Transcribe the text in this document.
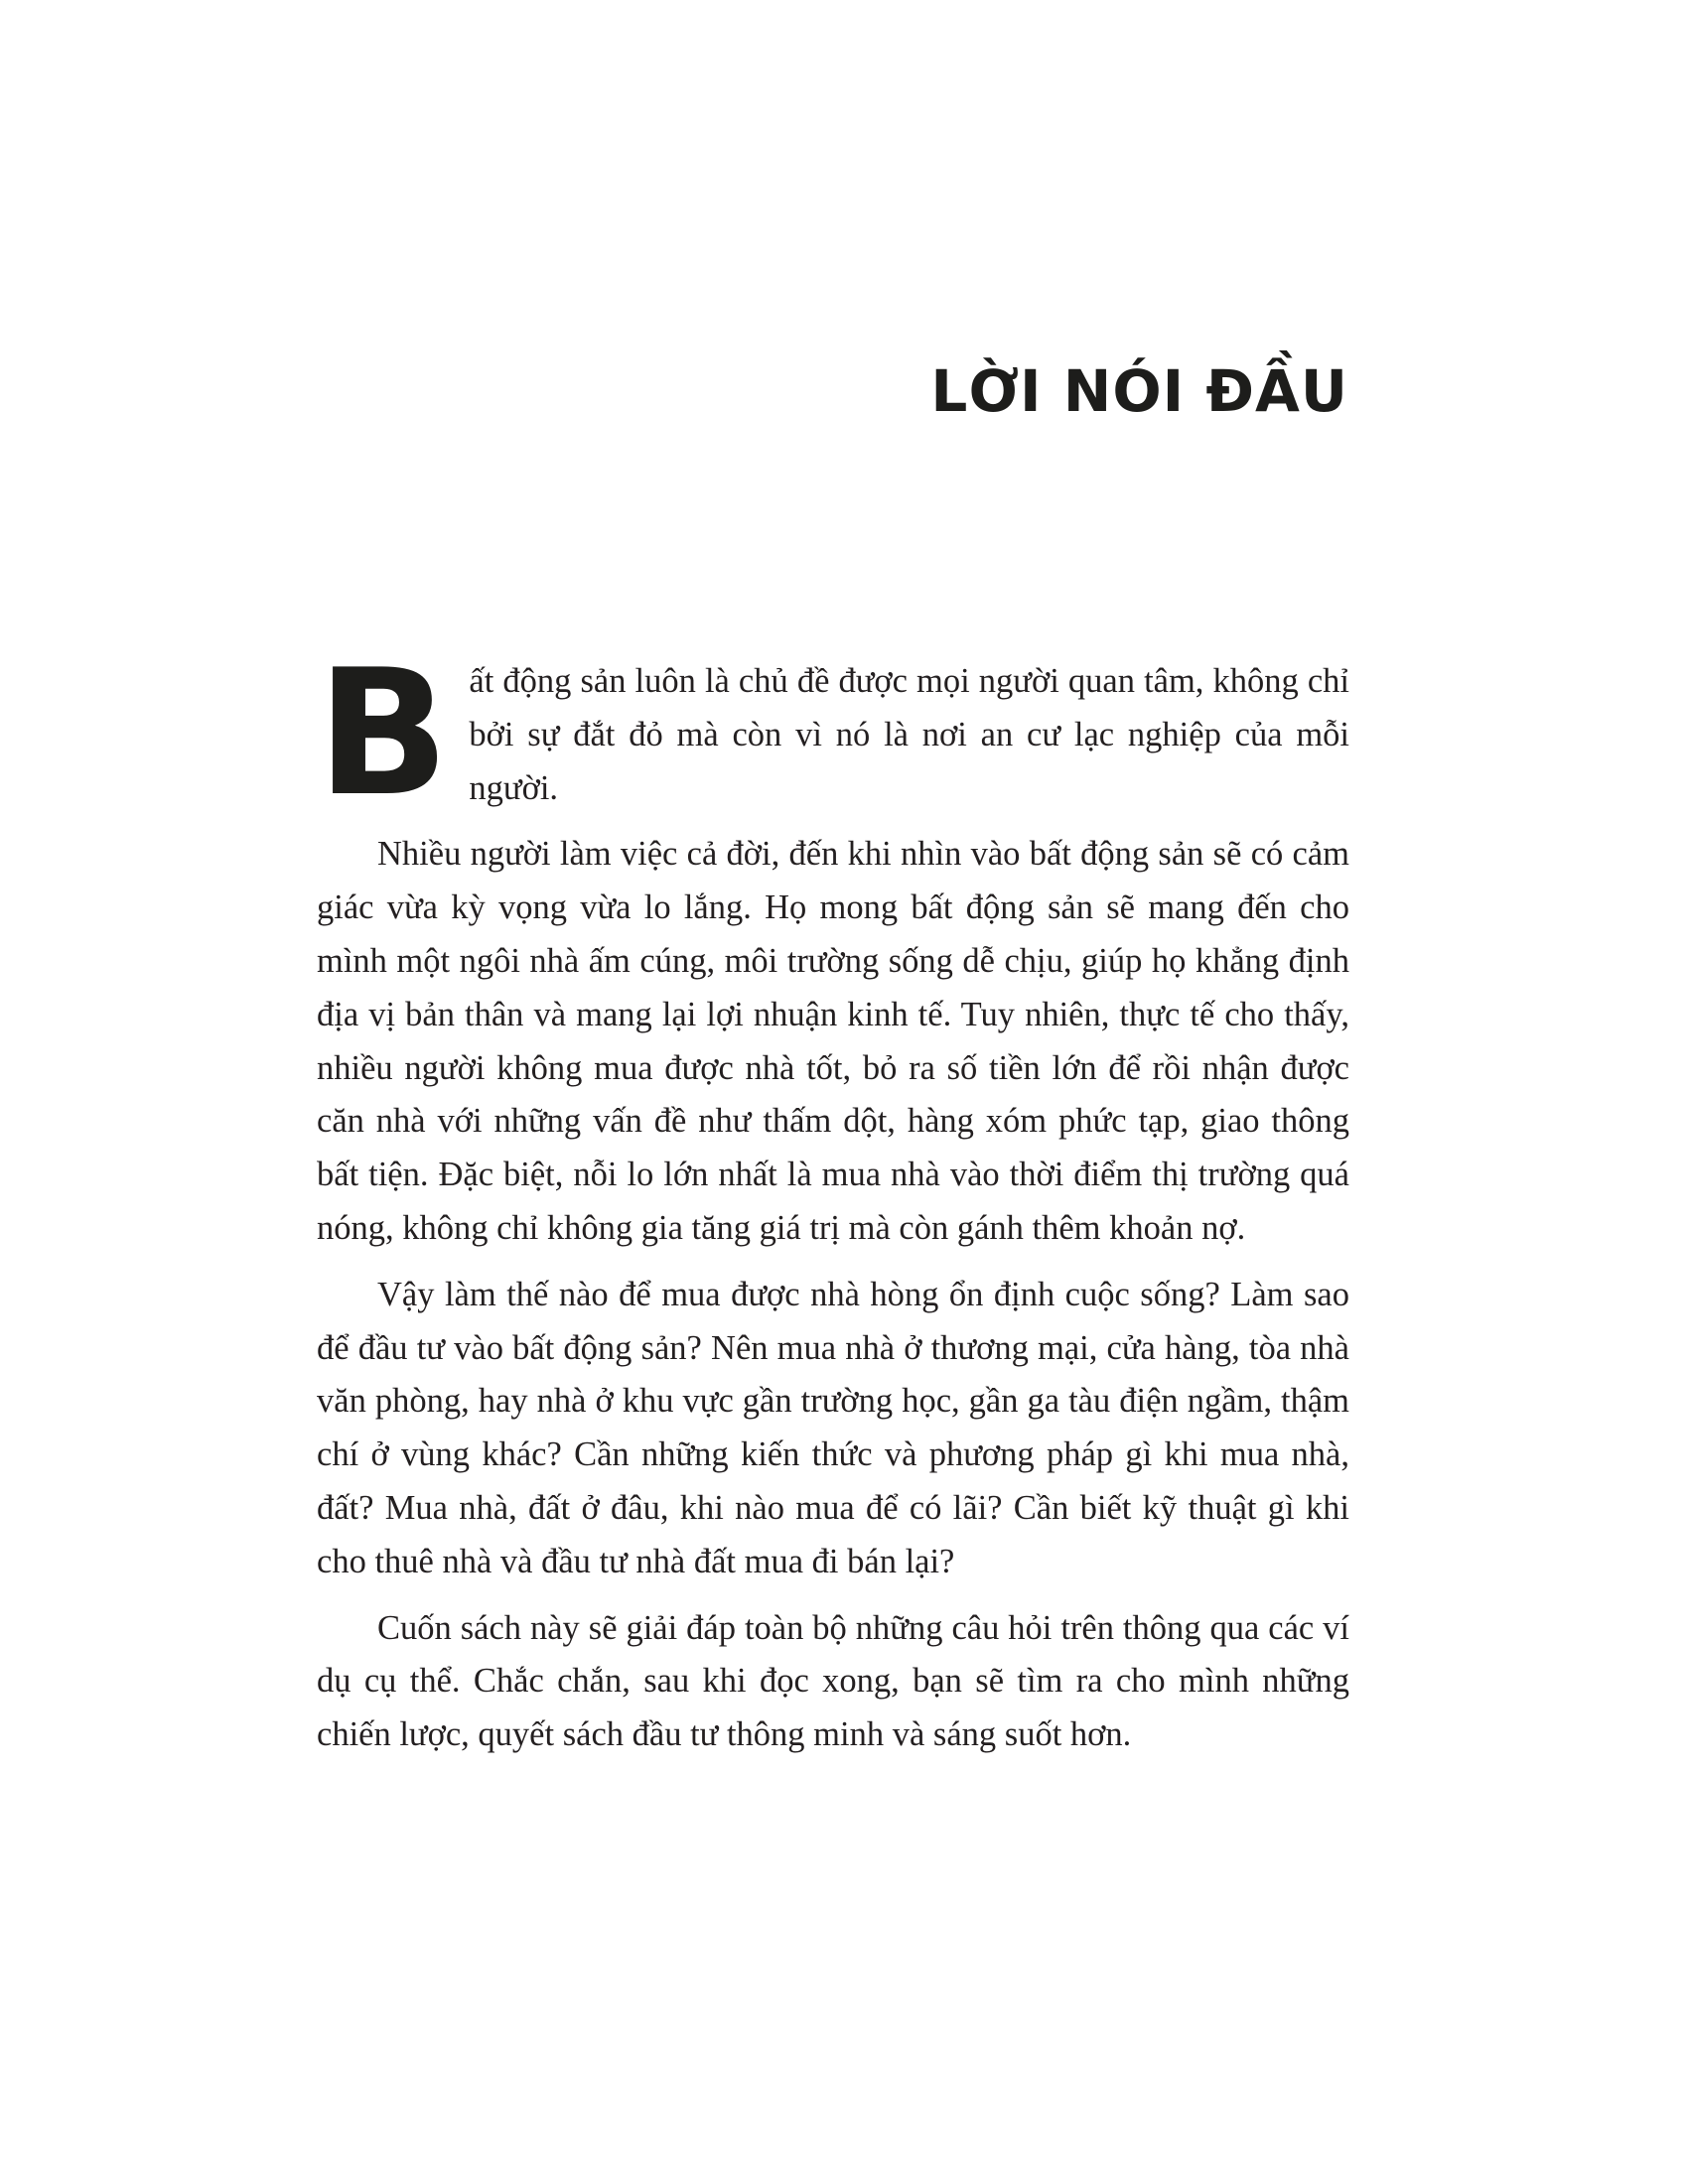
LỜI NÓI ĐẦU

Bất động sản luôn là chủ đề được mọi người quan tâm, không chỉ bởi sự đắt đỏ mà còn vì nó là nơi an cư lạc nghiệp của mỗi người.

Nhiều người làm việc cả đời, đến khi nhìn vào bất động sản sẽ có cảm giác vừa kỳ vọng vừa lo lắng. Họ mong bất động sản sẽ mang đến cho mình một ngôi nhà ấm cúng, môi trường sống dễ chịu, giúp họ khẳng định địa vị bản thân và mang lại lợi nhuận kinh tế. Tuy nhiên, thực tế cho thấy, nhiều người không mua được nhà tốt, bỏ ra số tiền lớn để rồi nhận được căn nhà với những vấn đề như thấm dột, hàng xóm phức tạp, giao thông bất tiện. Đặc biệt, nỗi lo lớn nhất là mua nhà vào thời điểm thị trường quá nóng, không chỉ không gia tăng giá trị mà còn gánh thêm khoản nợ.

Vậy làm thế nào để mua được nhà hòng ổn định cuộc sống? Làm sao để đầu tư vào bất động sản? Nên mua nhà ở thương mại, cửa hàng, tòa nhà văn phòng, hay nhà ở khu vực gần trường học, gần ga tàu điện ngầm, thậm chí ở vùng khác? Cần những kiến thức và phương pháp gì khi mua nhà, đất? Mua nhà, đất ở đâu, khi nào mua để có lãi? Cần biết kỹ thuật gì khi cho thuê nhà và đầu tư nhà đất mua đi bán lại?

Cuốn sách này sẽ giải đáp toàn bộ những câu hỏi trên thông qua các ví dụ cụ thể. Chắc chắn, sau khi đọc xong, bạn sẽ tìm ra cho mình những chiến lược, quyết sách đầu tư thông minh và sáng suốt hơn.
